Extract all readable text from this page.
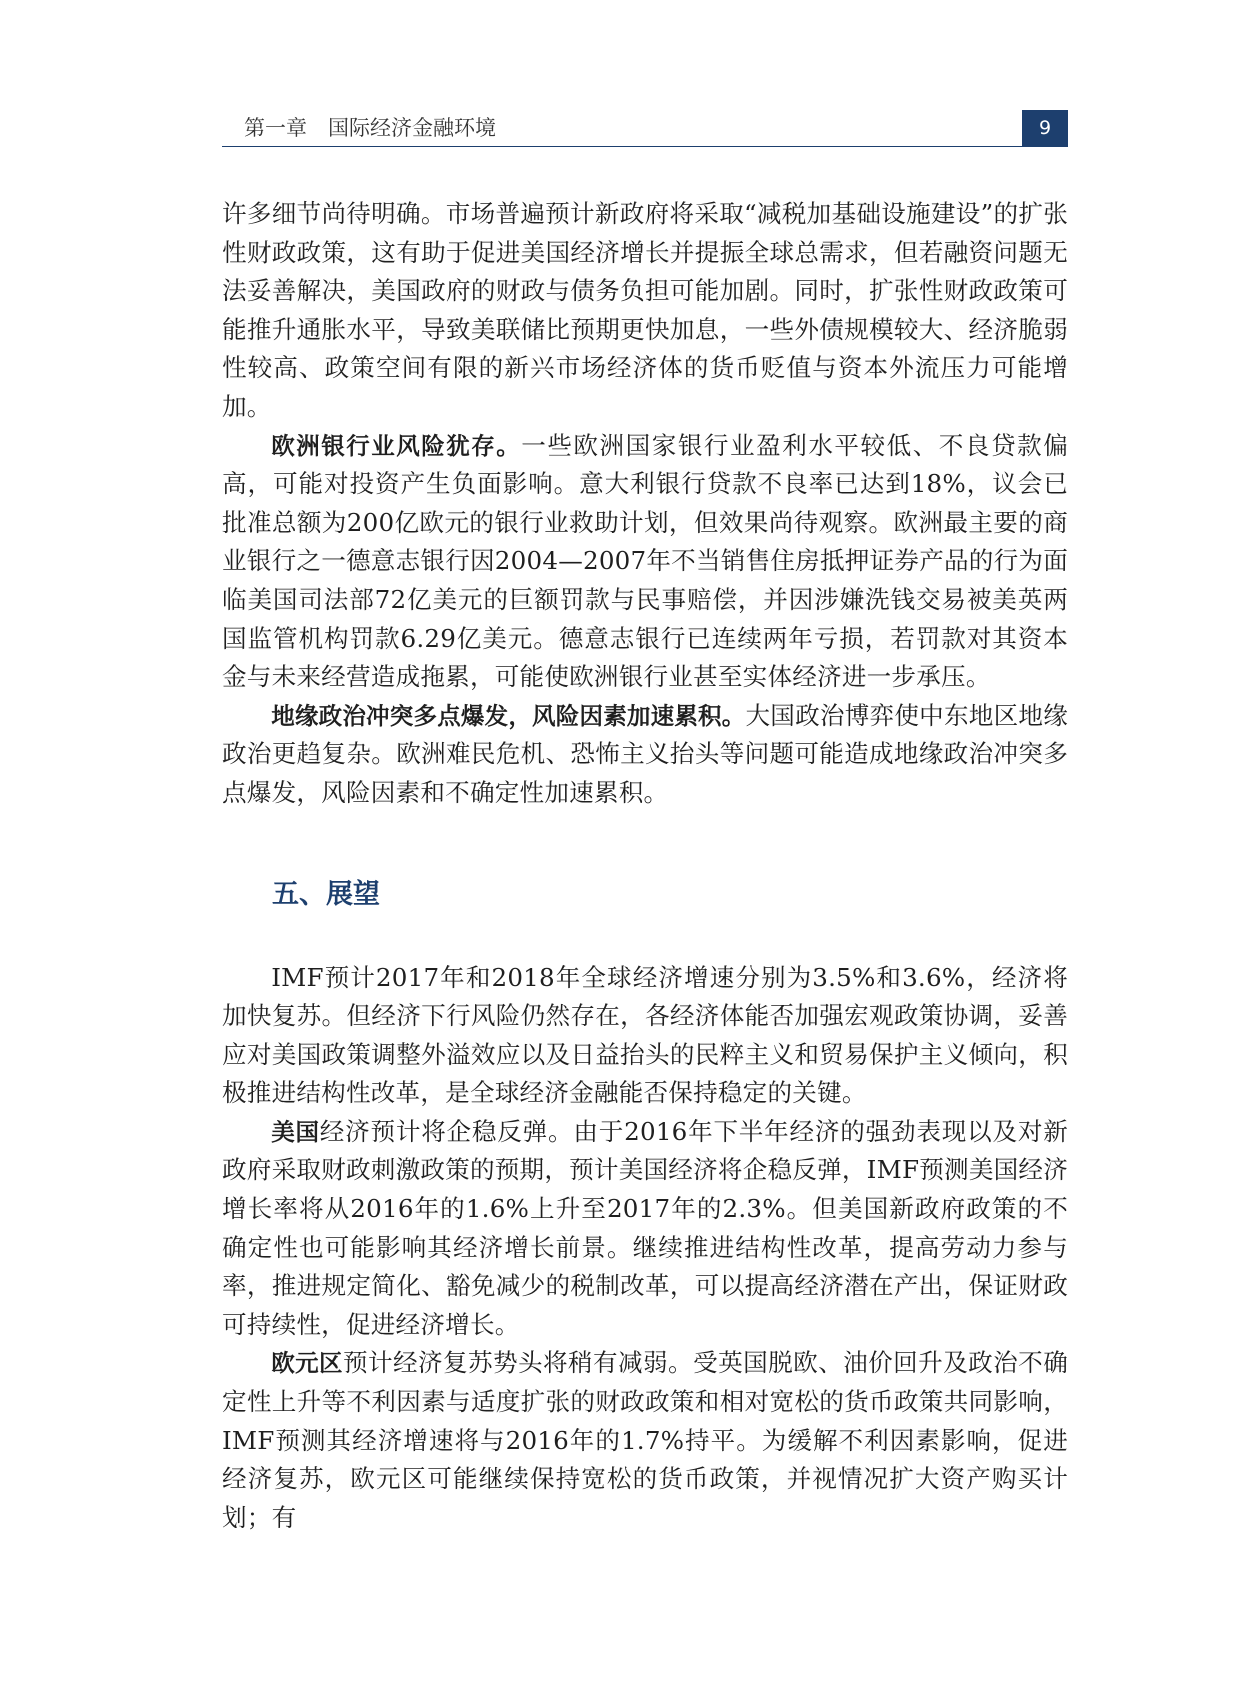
第一章　 国际经济金融环境	9

许多细节尚待明确。市场普遍预计新政府将采取“减税加基础设施建设”的扩张性财政政策，这有助于促进美国经济增长并提振全球总需求，但若融资问题无法妥善解决，美国政府的财政与债务负担可能加剧。同时，扩张性财政政策可能推升通胀水平，导致美联储比预期更快加息，一些外债规模较大、经济脆弱性较高、政策空间有限的新兴市场经济体的货币贬值与资本外流压力可能增加。

欧洲银行业风险犹存。一些欧洲国家银行业盈利水平较低、不良贷款偏高，可能对投资产生负面影响。意大利银行贷款不良率已达到18%，议会已批准总额为200亿欧元的银行业救助计划，但效果尚待观察。欧洲最主要的商业银行之一德意志银行因2004—2007年不当销售住房抵押证券产品的行为面临美国司法部72亿美元的巨额罚款与民事赔偿，并因涉嫌洗钱交易被美英两国监管机构罚款6.29亿美元。德意志银行已连续两年亏损，若罚款对其资本金与未来经营造成拖累，可能使欧洲银行业甚至实体经济进一步承压。

地缘政治冲突多点爆发，风险因素加速累积。大国政治博弈使中东地区地缘政治更趋复杂。欧洲难民危机、恐怖主义抬头等问题可能造成地缘政治冲突多点爆发，风险因素和不确定性加速累积。

五、展望

IMF预计2017年和2018年全球经济增速分别为3.5%和3.6%，经济将加快复苏。但经济下行风险仍然存在，各经济体能否加强宏观政策协调，妥善应对美国政策调整外溢效应以及日益抬头的民粹主义和贸易保护主义倾向，积极推进结构性改革，是全球经济金融能否保持稳定的关键。

美国经济预计将企稳反弹。由于2016年下半年经济的强劲表现以及对新政府采取财政刺激政策的预期，预计美国经济将企稳反弹，IMF预测美国经济增长率将从2016年的1.6%上升至2017年的2.3%。但美国新政府政策的不确定性也可能影响其经济增长前景。继续推进结构性改革，提高劳动力参与率，推进规定简化、豁免减少的税制改革，可以提高经济潜在产出，保证财政可持续性，促进经济增长。

欧元区预计经济复苏势头将稍有减弱。受英国脱欧、油价回升及政治不确定性上升等不利因素与适度扩张的财政政策和相对宽松的货币政策共同影响，IMF预测其经济增速将与2016年的1.7%持平。为缓解不利因素影响，促进经济复苏，欧元区可能继续保持宽松的货币政策，并视情况扩大资产购买计划；有
